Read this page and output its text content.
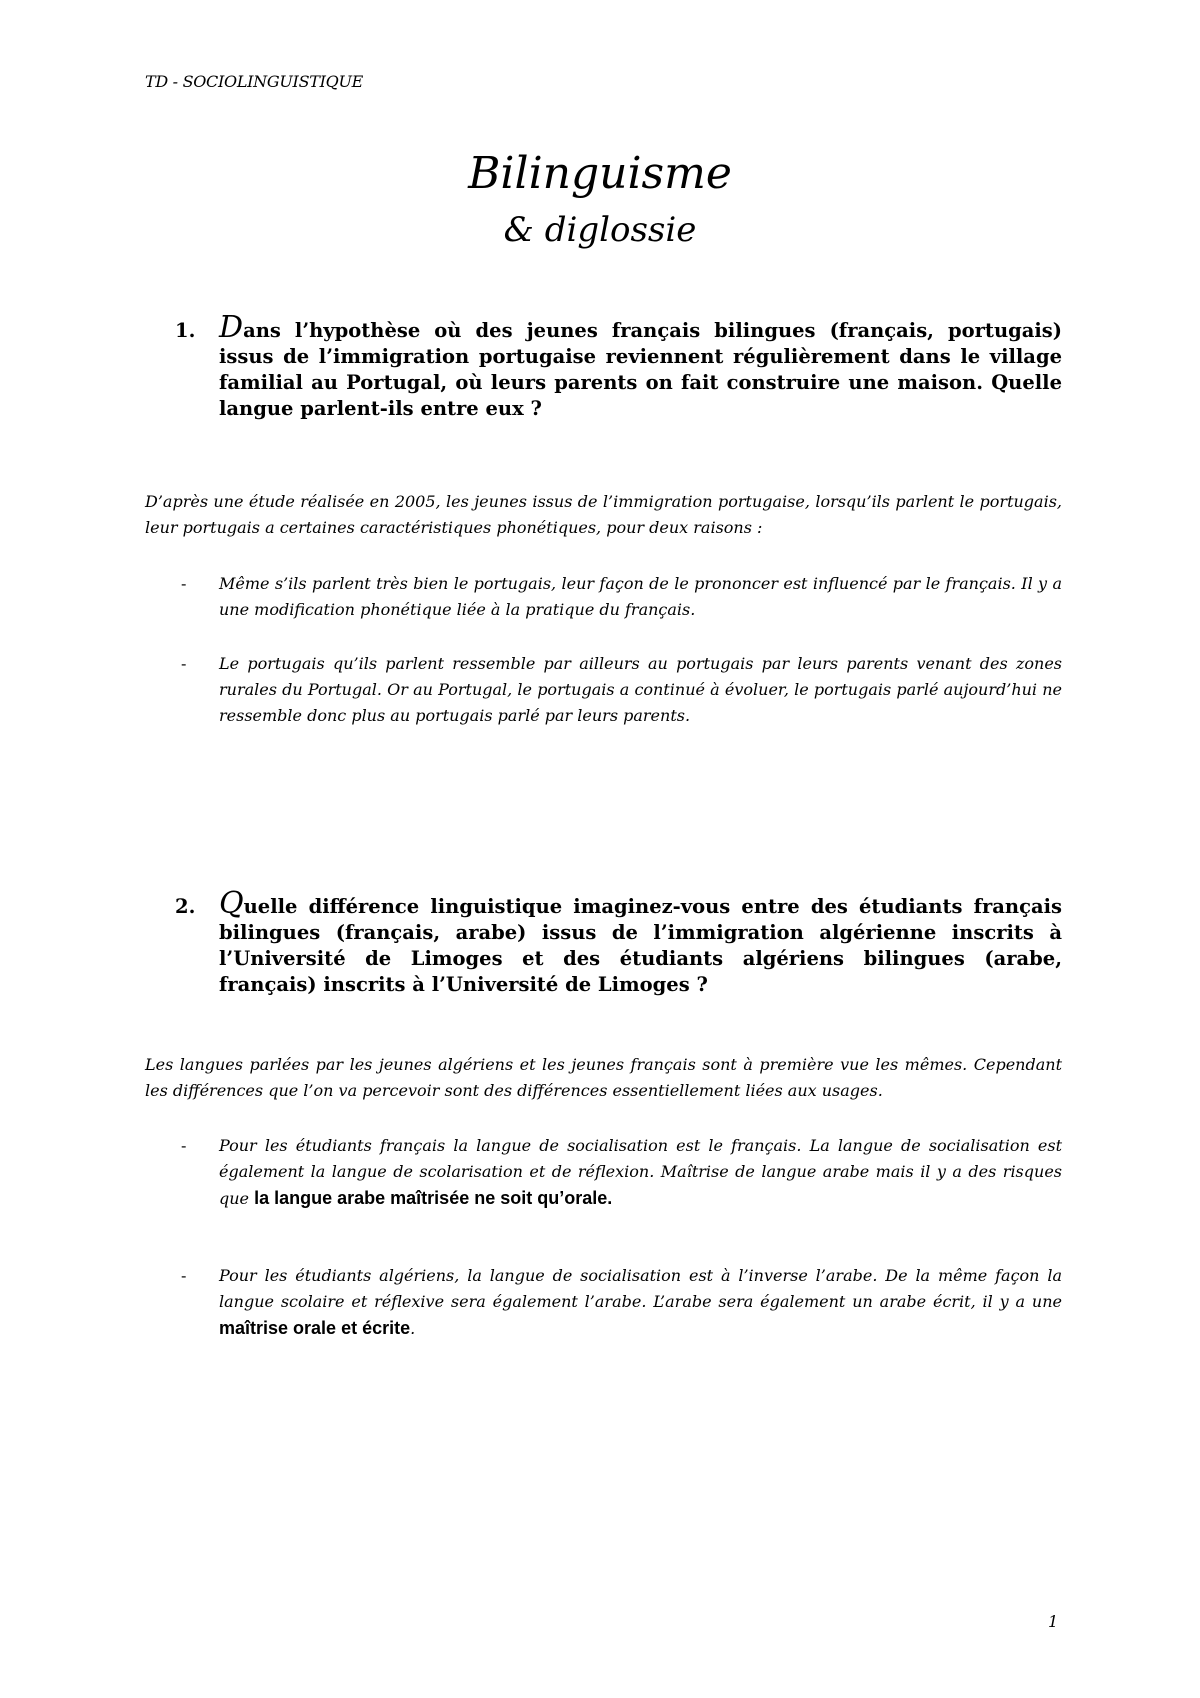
TD - SOCIOLINGUISTIQUE
Bilinguisme
& diglossie
1. Dans l’hypothèse où des jeunes français bilingues (français, portugais) issus de l’immigration portugaise reviennent régulièrement dans le village familial au Portugal, où leurs parents on fait construire une maison. Quelle langue parlent-ils entre eux ?
D’après une étude réalisée en 2005, les jeunes issus de l’immigration portugaise, lorsqu’ils parlent le portugais, leur portugais a certaines caractéristiques phonétiques, pour deux raisons :
-	Même s’ils parlent très bien le portugais, leur façon de le prononcer est influencé par le français. Il y a une modification phonétique liée à la pratique du français.
-	Le portugais qu’ils parlent ressemble par ailleurs au portugais par leurs parents venant des zones rurales du Portugal. Or au Portugal, le portugais a continué à évoluer, le portugais parlé aujourd’hui ne ressemble donc plus au portugais parlé par leurs parents.
2. Quelle différence linguistique imaginez-vous entre des étudiants français bilingues (français, arabe) issus de l’immigration algérienne inscrits à l’Université de Limoges et des étudiants algériens bilingues (arabe, français) inscrits à l’Université de Limoges ?
Les langues parlées par les jeunes algériens et les jeunes français sont à première vue les mêmes. Cependant les différences que l’on va percevoir sont des différences essentiellement liées aux usages.
-	Pour les étudiants français la langue de socialisation est le français. La langue de socialisation est également la langue de scolarisation et de réflexion. Maîtrise de langue arabe mais il y a des risques que la langue arabe maîtrisée ne soit qu’orale.
-	Pour les étudiants algériens, la langue de socialisation est à l’inverse l’arabe. De la même façon la langue scolaire et réflexive sera également l’arabe. L’arabe sera également un arabe écrit, il y a une maîtrise orale et écrite.
1
